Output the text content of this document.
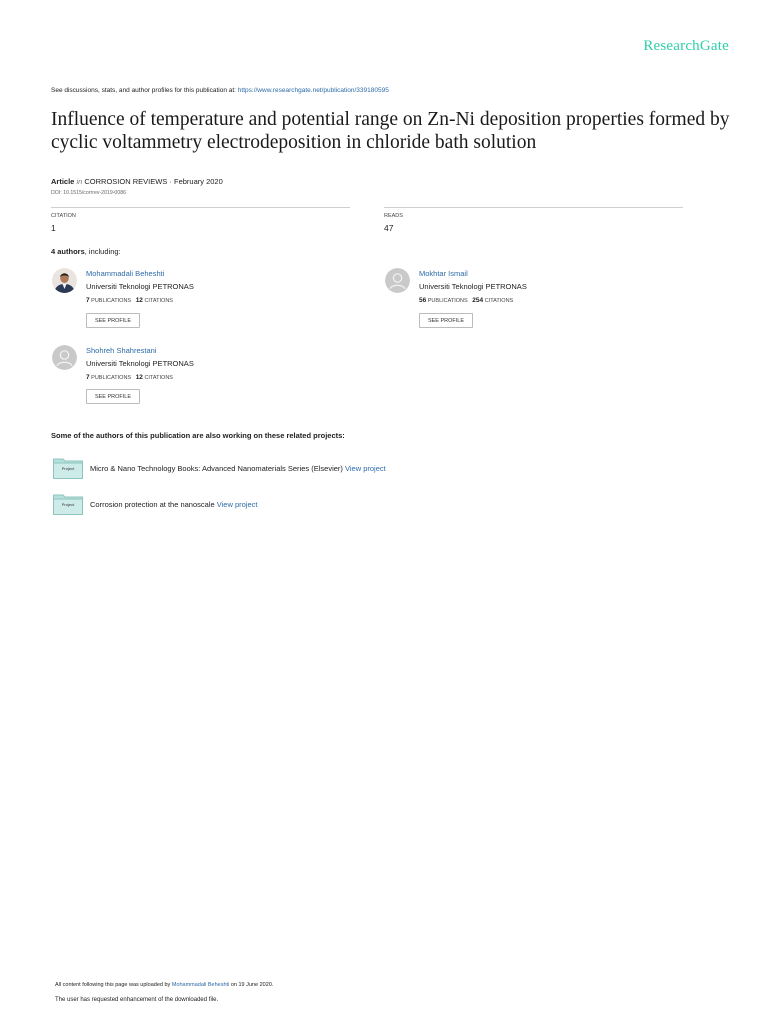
ResearchGate
See discussions, stats, and author profiles for this publication at: https://www.researchgate.net/publication/339180595
Influence of temperature and potential range on Zn-Ni deposition properties formed by cyclic voltammetry electrodeposition in chloride bath solution
Article in CORROSION REVIEWS · February 2020
DOI: 10.1515/corrrev-2019-0086
CITATION
1
READS
47
4 authors, including:
Mohammadali Beheshti
Universiti Teknologi PETRONAS
7 PUBLICATIONS 12 CITATIONS
SEE PROFILE
Mokhtar Ismail
Universiti Teknologi PETRONAS
56 PUBLICATIONS 254 CITATIONS
SEE PROFILE
Shohreh Shahrestani
Universiti Teknologi PETRONAS
7 PUBLICATIONS 12 CITATIONS
SEE PROFILE
Some of the authors of this publication are also working on these related projects:
Project	Micro & Nano Technology Books: Advanced Nanomaterials Series (Elsevier) View project
Project	Corrosion protection at the nanoscale View project
All content following this page was uploaded by Mohammadali Beheshti on 19 June 2020.
The user has requested enhancement of the downloaded file.
